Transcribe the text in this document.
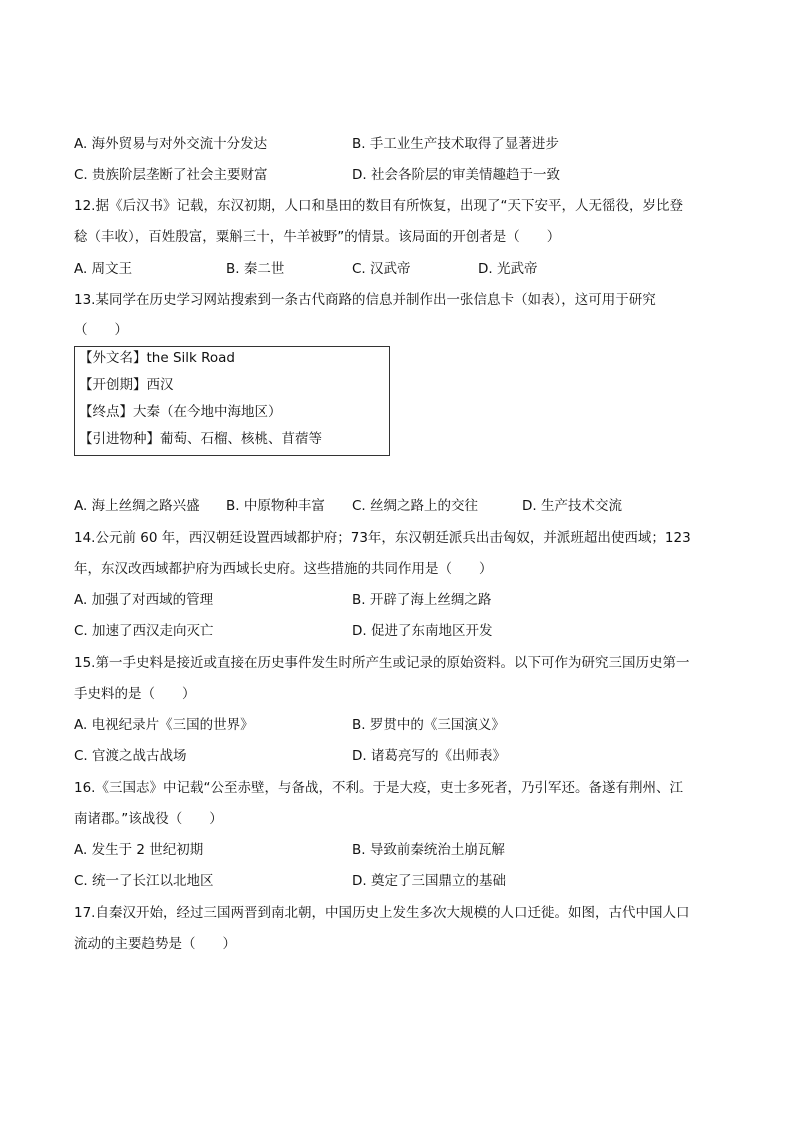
A. 海外贸易与对外交流十分发达	B. 手工业生产技术取得了显著进步
C. 贵族阶层垄断了社会主要财富	D. 社会各阶层的审美情趣趋于一致
12.据《后汉书》记载，东汉初期，人口和垦田的数目有所恢复，出现了“天下安平，人无徭役，岁比登
稔（丰收），百姓殷富，粟斛三十，牛羊被野”的情景。该局面的开创者是（　　）
A. 周文王	B. 秦二世	C. 汉武帝	D. 光武帝
13.某同学在历史学习网站搜索到一条古代商路的信息并制作出一张信息卡（如表），这可用于研究
（　　）
【外文名】the Silk Road
【开创期】西汉
【终点】大秦（在今地中海地区）
【引进物种】葡萄、石榴、核桃、苜蓿等
A. 海上丝绸之路兴盛 B. 中原物种丰富 C. 丝绸之路上的交往	D. 生产技术交流
14.公元前 60 年，西汉朝廷设置西域都护府；73年，东汉朝廷派兵出击匈奴，并派班超出使西域；123
年，东汉改西域都护府为西域长史府。这些措施的共同作用是（　　）
A. 加强了对西域的管理	B. 开辟了海上丝绸之路
C. 加速了西汉走向灭亡	D. 促进了东南地区开发
15.第一手史料是接近或直接在历史事件发生时所产生或记录的原始资料。以下可作为研究三国历史第一
手史料的是（　　）
A. 电视纪录片《三国的世界》	B. 罗贯中的《三国演义》
C. 官渡之战古战场	D. 诸葛亮写的《出师表》
16.《三国志》中记载“公至赤壁，与备战，不利。于是大疫，吏士多死者，乃引军还。备遂有荆州、江
南诸郡。”该战役（　　）
A. 发生于 2 世纪初期	B. 导致前秦统治土崩瓦解
C. 统一了长江以北地区	D. 奠定了三国鼎立的基础
17.自秦汉开始，经过三国两晋到南北朝，中国历史上发生多次大规模的人口迁徙。如图，古代中国人口
流动的主要趋势是（　　）
